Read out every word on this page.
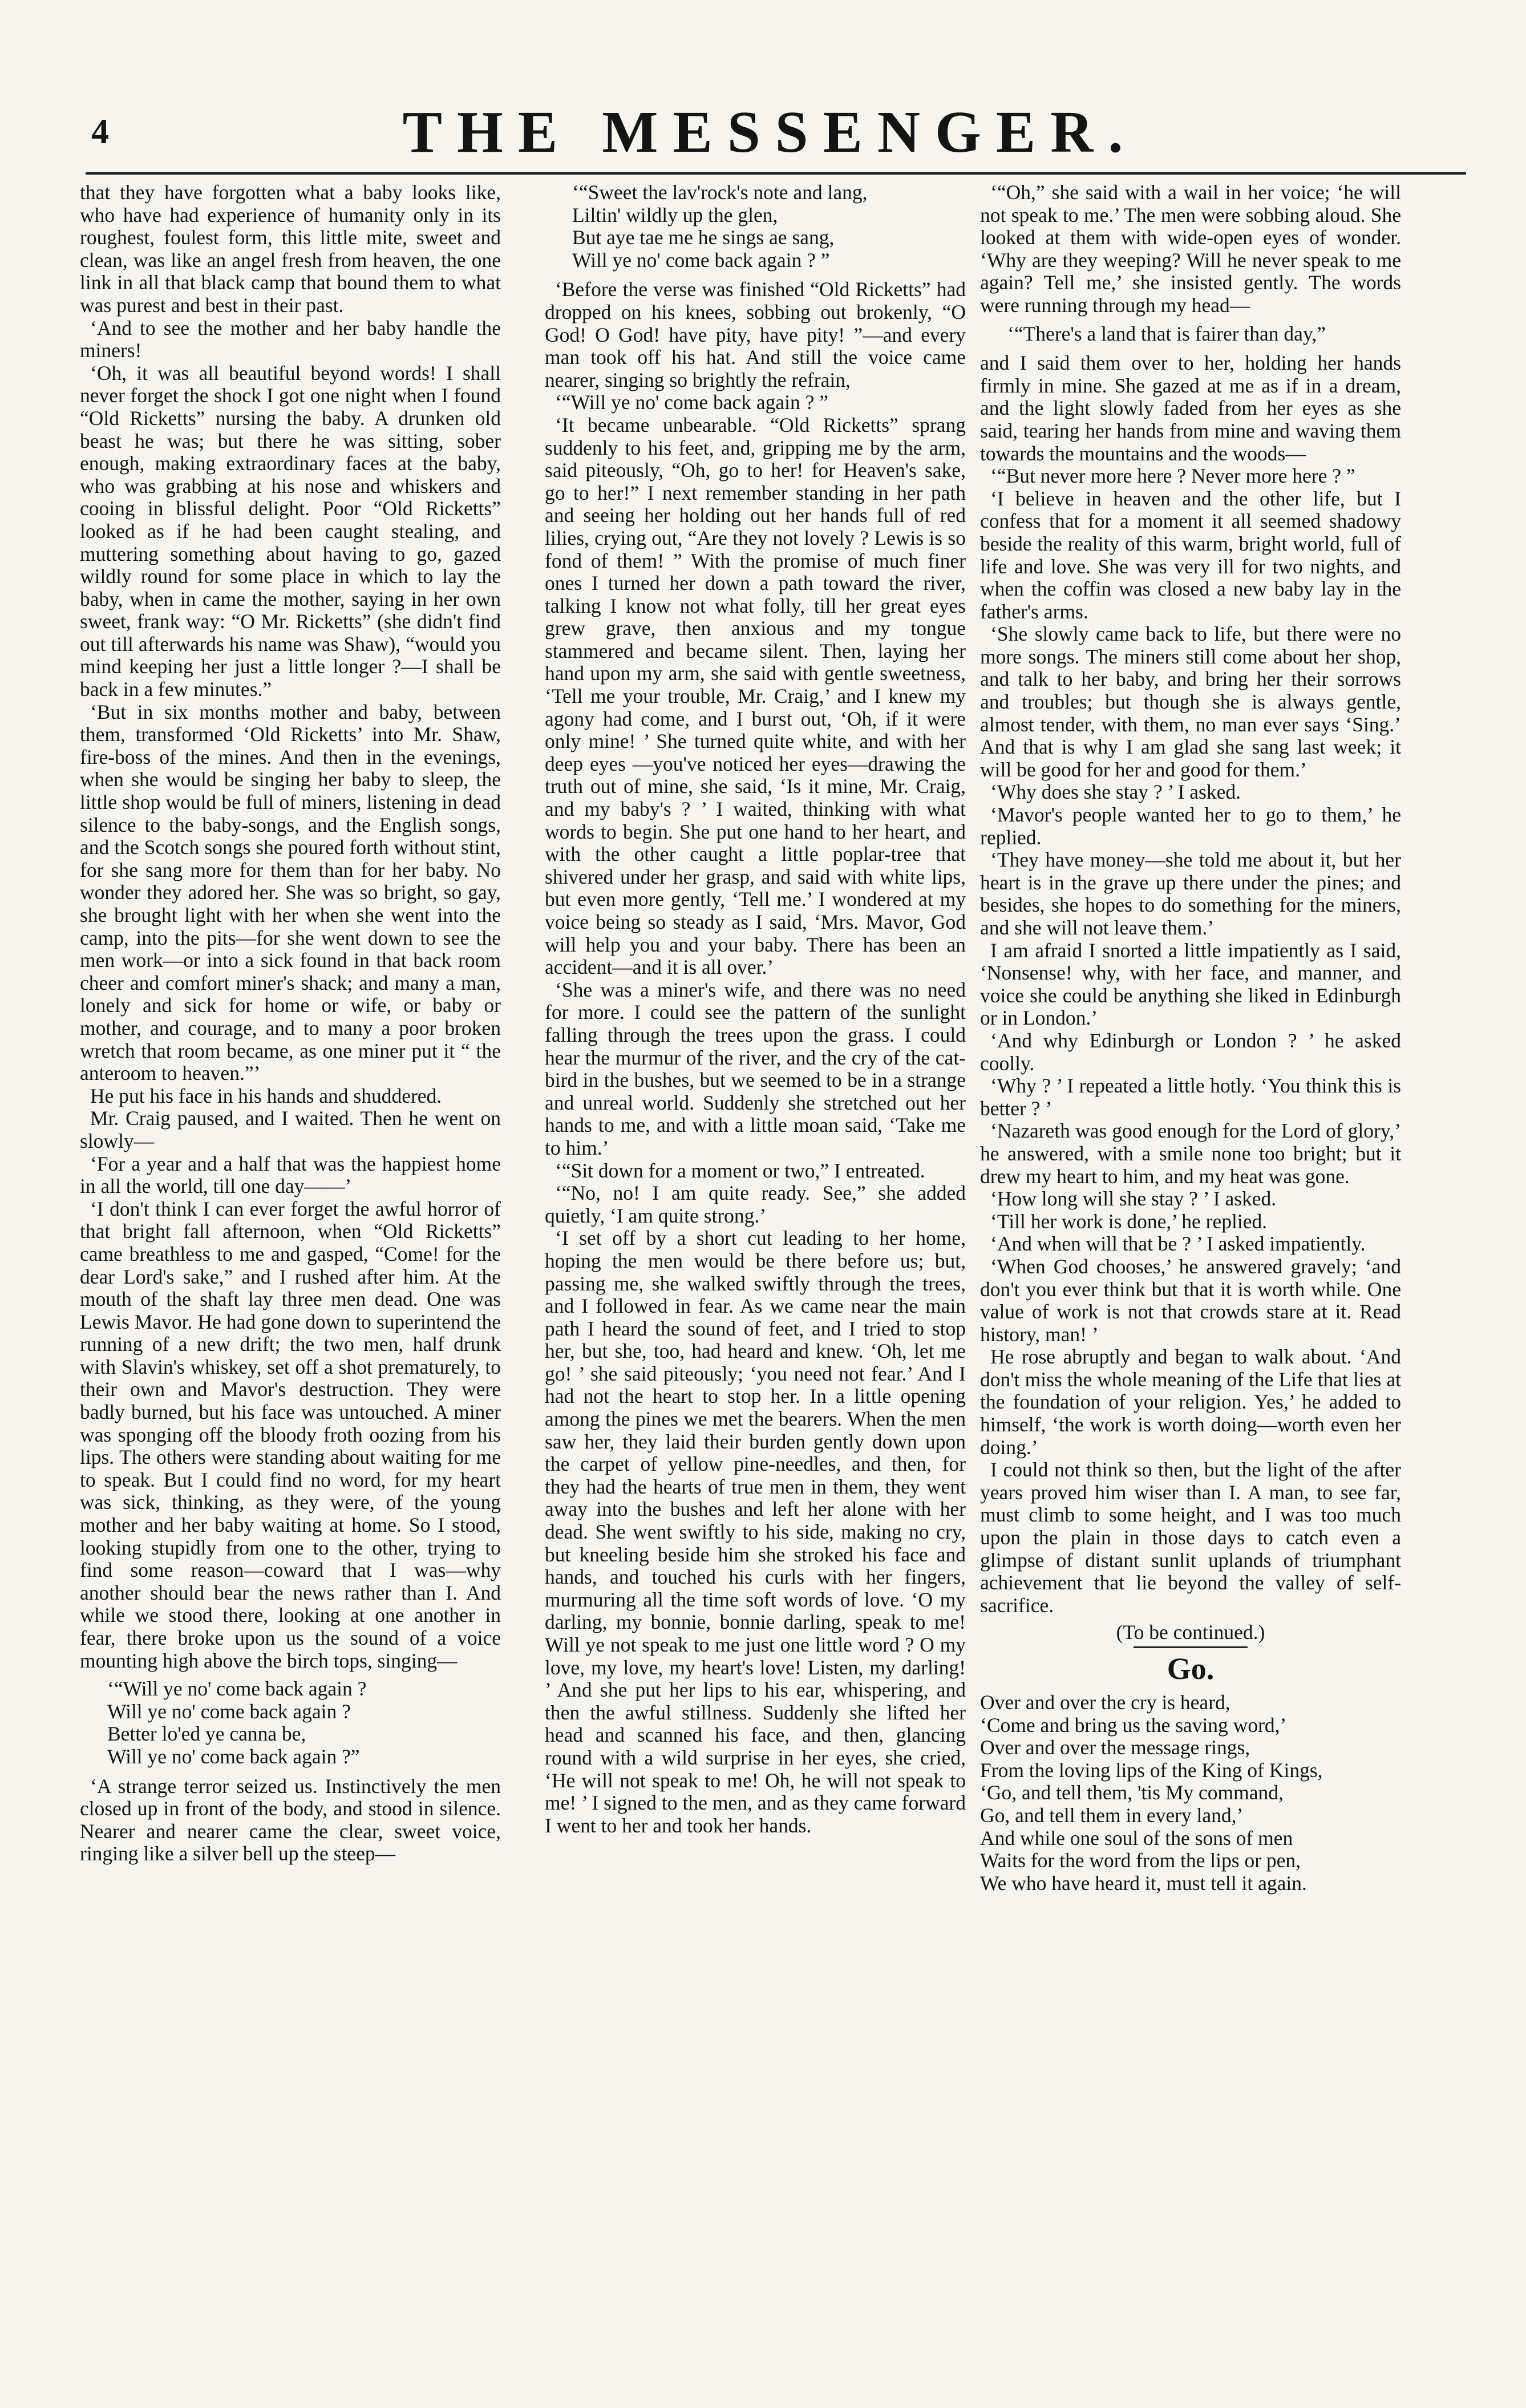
4	THE MESSENGER.

that they have forgotten what a baby looks like, who have had experience of humanity only in its roughest, foulest form, this little mite, sweet and clean, was like an angel fresh from heaven, the one link in all that black camp that bound them to what was purest and best in their past.

‘And to see the mother and her baby handle the miners!

‘Oh, it was all beautiful beyond words! I shall never forget the shock I got one night when I found “Old Ricketts” nursing the baby. A drunken old beast he was; but there he was sitting, sober enough, making extraordinary faces at the baby, who was grabbing at his nose and whiskers and cooing in blissful delight. Poor “Old Ricketts” looked as if he had been caught stealing, and muttering something about having to go, gazed wildly round for some place in which to lay the baby, when in came the mother, saying in her own sweet, frank way: “O Mr. Ricketts” (she didn't find out till afterwards his name was Shaw), “would you mind keeping her just a little longer ?—I shall be back in a few minutes.”

‘But in six months mother and baby, between them, transformed ‘Old Ricketts’ into Mr. Shaw, fire-boss of the mines. And then in the evenings, when she would be singing her baby to sleep, the little shop would be full of miners, listening in dead silence to the baby-songs, and the English songs, and the Scotch songs she poured forth without stint, for she sang more for them than for her baby. No wonder they adored her. She was so bright, so gay, she brought light with her when she went into the camp, into the pits—for she went down to see the men work—or into a sick found in that back room cheer and comfort miner's shack; and many a man, lonely and sick for home or wife, or baby or mother, and courage, and to many a poor broken wretch that room became, as one miner put it “ the anteroom to heaven.”’

He put his face in his hands and shuddered.

Mr. Craig paused, and I waited. Then he went on slowly—

‘For a year and a half that was the happiest home in all the world, till one day——’

‘I don't think I can ever forget the awful horror of that bright fall afternoon, when “Old Ricketts” came breathless to me and gasped, “Come! for the dear Lord's sake,” and I rushed after him. At the mouth of the shaft lay three men dead. One was Lewis Mavor. He had gone down to superintend the running of a new drift; the two men, half drunk with Slavin's whiskey, set off a shot prematurely, to their own and Mavor's destruction. They were badly burned, but his face was untouched. A miner was sponging off the bloody froth oozing from his lips. The others were standing about waiting for me to speak. But I could find no word, for my heart was sick, thinking, as they were, of the young mother and her baby waiting at home. So I stood, looking stupidly from one to the other, trying to find some reason—coward that I was—why another should bear the news rather than I. And while we stood there, looking at one another in fear, there broke upon us the sound of a voice mounting high above the birch tops, singing—

‘“Will ye no' come back again ?
Will ye no' come back again ?
Better lo'ed ye canna be,
Will ye no' come back again ?”

‘A strange terror seized us. Instinctively the men closed up in front of the body, and stood in silence. Nearer and nearer came the clear, sweet voice, ringing like a silver bell up the steep—

‘“Sweet the lav'rock's note and lang,
Liltin' wildly up the glen,
But aye tae me he sings ae sang,
Will ye no' come back again ? ”

‘Before the verse was finished “Old Ricketts” had dropped on his knees, sobbing out brokenly, “O God! O God! have pity, have pity! ”—and every man took off his hat. And still the voice came nearer, singing so brightly the refrain,

‘“Will ye no' come back again ? ”

‘It became unbearable. “Old Ricketts” sprang suddenly to his feet, and, gripping me by the arm, said piteously, “Oh, go to her! for Heaven's sake, go to her!” I next remember standing in her path and seeing her holding out her hands full of red lilies, crying out, “Are they not lovely ? Lewis is so fond of them! ” With the promise of much finer ones I turned her down a path toward the river, talking I know not what folly, till her great eyes grew grave, then anxious and my tongue stammered and became silent. Then, laying her hand upon my arm, she said with gentle sweetness, ‘Tell me your trouble, Mr. Craig,’ and I knew my agony had come, and I burst out, ‘Oh, if it were only mine! ’ She turned quite white, and with her deep eyes —you've noticed her eyes—drawing the truth out of mine, she said, ‘Is it mine, Mr. Craig, and my baby's ? ’ I waited, thinking with what words to begin. She put one hand to her heart, and with the other caught a little poplar-tree that shivered under her grasp, and said with white lips, but even more gently, ‘Tell me.’ I wondered at my voice being so steady as I said, ‘Mrs. Mavor, God will help you and your baby. There has been an accident—and it is all over.’

‘She was a miner's wife, and there was no need for more. I could see the pattern of the sunlight falling through the trees upon the grass. I could hear the murmur of the river, and the cry of the cat-bird in the bushes, but we seemed to be in a strange and unreal world. Suddenly she stretched out her hands to me, and with a little moan said, ‘Take me to him.’

‘“Sit down for a moment or two,” I entreated.

‘“No, no! I am quite ready. See,” she added quietly, ‘I am quite strong.’

‘I set off by a short cut leading to her home, hoping the men would be there before us; but, passing me, she walked swiftly through the trees, and I followed in fear. As we came near the main path I heard the sound of feet, and I tried to stop her, but she, too, had heard and knew. ‘Oh, let me go! ’ she said piteously; ‘you need not fear.’ And I had not the heart to stop her. In a little opening among the pines we met the bearers. When the men saw her, they laid their burden gently down upon the carpet of yellow pine-needles, and then, for they had the hearts of true men in them, they went away into the bushes and left her alone with her dead. She went swiftly to his side, making no cry, but kneeling beside him she stroked his face and hands, and touched his curls with her fingers, murmuring all the time soft words of love. ‘O my darling, my bonnie, bonnie darling, speak to me! Will ye not speak to me just one little word ? O my love, my love, my heart's love! Listen, my darling! ’ And she put her lips to his ear, whispering, and then the awful stillness. Suddenly she lifted her head and scanned his face, and then, glancing round with a wild surprise in her eyes, she cried, ‘He will not speak to me! Oh, he will not speak to me! ’ I signed to the men, and as they came forward I went to her and took her hands.

‘“Oh,” she said with a wail in her voice; ‘he will not speak to me.’ The men were sobbing aloud. She looked at them with wide-open eyes of wonder. ‘Why are they weeping? Will he never speak to me again? Tell me,’ she insisted gently. The words were running through my head—

‘“There's a land that is fairer than day,”

and I said them over to her, holding her hands firmly in mine. She gazed at me as if in a dream, and the light slowly faded from her eyes as she said, tearing her hands from mine and waving them towards the mountains and the woods—

‘“But never more here ? Never more here ? ”

‘I believe in heaven and the other life, but I confess that for a moment it all seemed shadowy beside the reality of this warm, bright world, full of life and love. She was very ill for two nights, and when the coffin was closed a new baby lay in the father's arms.

‘She slowly came back to life, but there were no more songs. The miners still come about her shop, and talk to her baby, and bring her their sorrows and troubles; but though she is always gentle, almost tender, with them, no man ever says ‘Sing.’ And that is why I am glad she sang last week; it will be good for her and good for them.’

‘Why does she stay ? ’ I asked.

‘Mavor's people wanted her to go to them,’ he replied.

‘They have money—she told me about it, but her heart is in the grave up there under the pines; and besides, she hopes to do something for the miners, and she will not leave them.’

I am afraid I snorted a little impatiently as I said, ‘Nonsense! why, with her face, and manner, and voice she could be anything she liked in Edinburgh or in London.’

‘And why Edinburgh or London ? ’ he asked coolly.

‘Why ? ’ I repeated a little hotly. ‘You think this is better ? ’

‘Nazareth was good enough for the Lord of glory,’ he answered, with a smile none too bright; but it drew my heart to him, and my heat was gone.

‘How long will she stay ? ’ I asked.

‘Till her work is done,’ he replied.

‘And when will that be ? ’ I asked impatiently.

‘When God chooses,’ he answered gravely; ‘and don't you ever think but that it is worth while. One value of work is not that crowds stare at it. Read history, man! ’

He rose abruptly and began to walk about. ‘And don't miss the whole meaning of the Life that lies at the foundation of your religion. Yes,’ he added to himself, ‘the work is worth doing—worth even her doing.’

I could not think so then, but the light of the after years proved him wiser than I. A man, to see far, must climb to some height, and I was too much upon the plain in those days to catch even a glimpse of distant sunlit uplands of triumphant achievement that lie beyond the valley of self-sacrifice.

(To be continued.)
Go.
Over and over the cry is heard,
‘Come and bring us the saving word,’
Over and over the message rings,
From the loving lips of the King of Kings,
‘Go, and tell them, 'tis My command,
Go, and tell them in every land,’
And while one soul of the sons of men
Waits for the word from the lips or pen,
We who have heard it, must tell it again.
